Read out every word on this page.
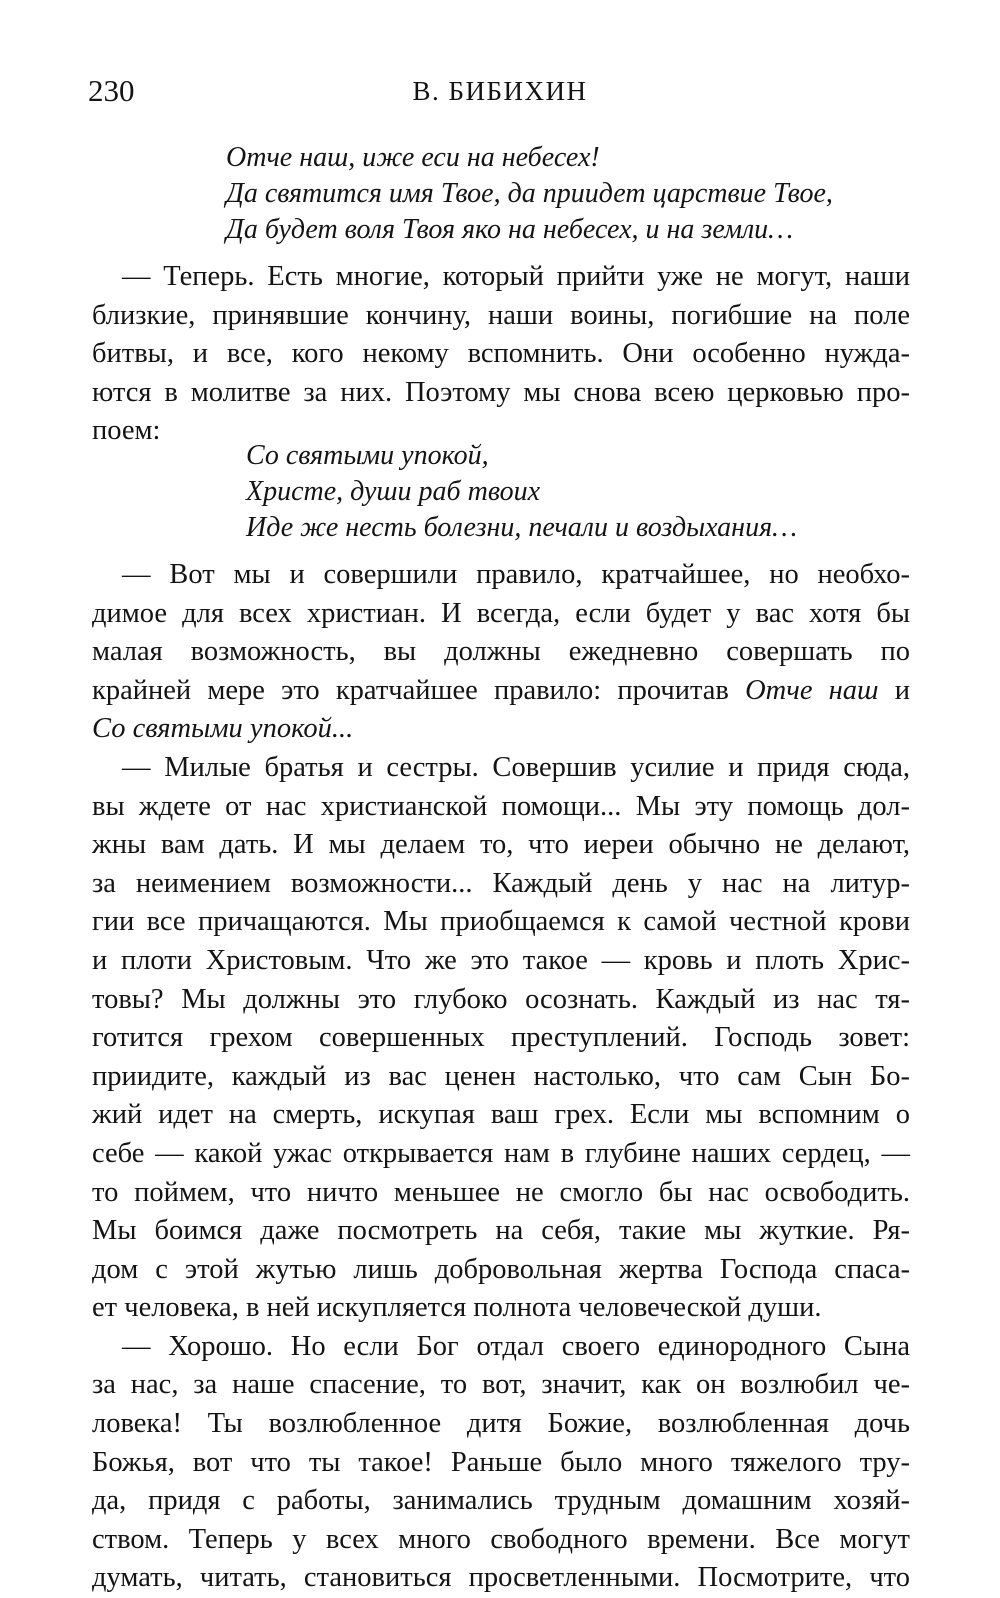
230	В. БИБИХИН
Отче наш, иже еси на небесех!
Да святится имя Твое, да приидет царствие Твое,
Да будет воля Твоя яко на небесех, и на земли…
— Теперь. Есть многие, который прийти уже не могут, наши
близкие, принявшие кончину, наши воины, погибшие на поле
битвы, и все, кого некому вспомнить. Они особенно нужда-
ются в молитве за них. Поэтому мы снова всею церковью про-
поем:
Со святыми упокой,
Христе, души раб твоих
Иде же несть болезни, печали и воздыхания…
— Вот мы и совершили правило, кратчайшее, но необхо-
димое для всех христиан. И всегда, если будет у вас хотя бы
малая возможность, вы должны ежедневно совершать по
крайней мере это кратчайшее правило: прочитав Отче наш и
Со святыми упокой...
— Милые братья и сестры. Совершив усилие и придя сюда,
вы ждете от нас христианской помощи... Мы эту помощь дол-
жны вам дать. И мы делаем то, что иереи обычно не делают,
за неимением возможности... Каждый день у нас на литур-
гии все причащаются. Мы приобщаемся к самой честной крови
и плоти Христовым. Что же это такое — кровь и плоть Хрис-
товы? Мы должны это глубоко осознать. Каждый из нас тя-
готится грехом совершенных преступлений. Господь зовет:
приидите, каждый из вас ценен настолько, что сам Сын Бо-
жий идет на смерть, искупая ваш грех. Если мы вспомним о
себе — какой ужас открывается нам в глубине наших сердец, —
то поймем, что ничто меньшее не смогло бы нас освободить.
Мы боимся даже посмотреть на себя, такие мы жуткие. Ря-
дом с этой жутью лишь добровольная жертва Господа спаса-
ет человека, в ней искупляется полнота человеческой души.
— Хорошо. Но если Бог отдал своего единородного Сына
за нас, за наше спасение, то вот, значит, как он возлюбил че-
ловека! Ты возлюбленное дитя Божие, возлюбленная дочь
Божья, вот что ты такое! Раньше было много тяжелого тру-
да, придя с работы, занимались трудным домашним хозяй-
ством. Теперь у всех много свободного времени. Все могут
думать, читать, становиться просветленными. Посмотрите, что
